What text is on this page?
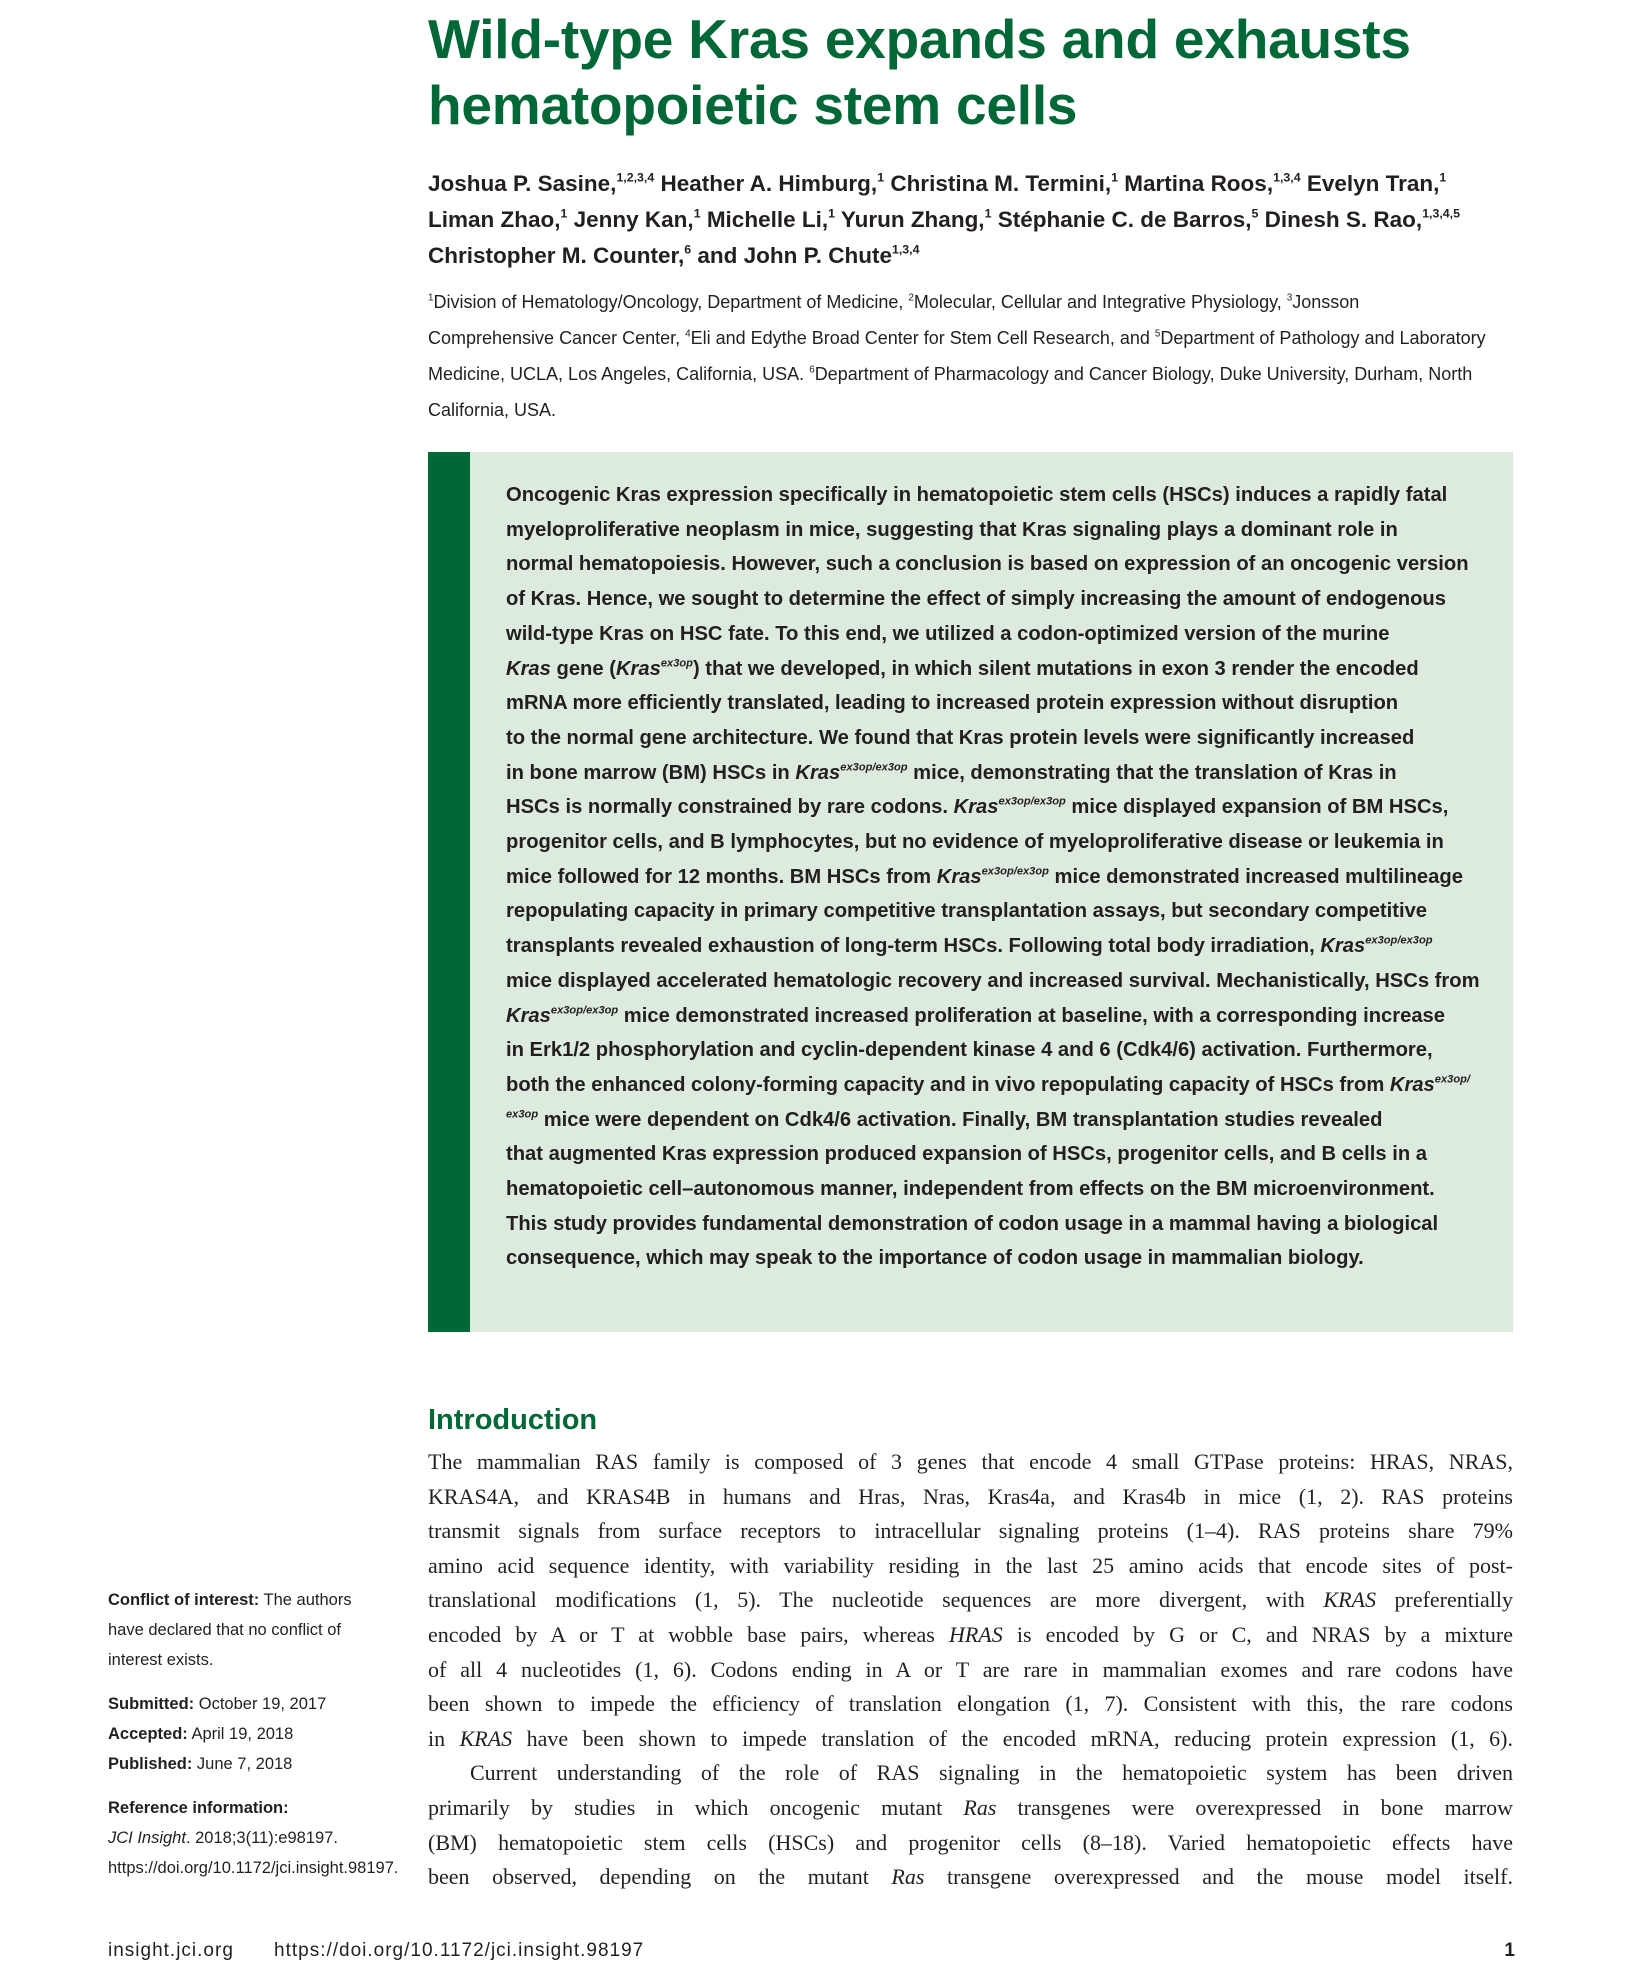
Wild-type Kras expands and exhausts hematopoietic stem cells
Joshua P. Sasine,$^{1,2,3,4}$ Heather A. Himburg,$^1$ Christina M. Termini,$^1$ Martina Roos,$^{1,3,4}$ Evelyn Tran,$^1$
Liman Zhao,$^1$ Jenny Kan,$^1$ Michelle Li,$^1$ Yurun Zhang,$^1$ Stéphanie C. de Barros,$^5$ Dinesh S. Rao,$^{1,3,4,5}$
Christopher M. Counter,$^6$ and John P. Chute$^{1,3,4}$
$^1$Division of Hematology/Oncology, Department of Medicine, $^2$Molecular, Cellular and Integrative Physiology, $^3$Jonsson Comprehensive Cancer Center, $^4$Eli and Edythe Broad Center for Stem Cell Research, and $^5$Department of Pathology and Laboratory Medicine, UCLA, Los Angeles, California, USA. $^6$Department of Pharmacology and Cancer Biology, Duke University, Durham, North California, USA.
Oncogenic Kras expression specifically in hematopoietic stem cells (HSCs) induces a rapidly fatal
myeloproliferative neoplasm in mice, suggesting that Kras signaling plays a dominant role in
normal hematopoiesis. However, such a conclusion is based on expression of an oncogenic version
of Kras. Hence, we sought to determine the effect of simply increasing the amount of endogenous
wild-type Kras on HSC fate. To this end, we utilized a codon-optimized version of the murine
Kras gene (Kras$^{ex3op}$) that we developed, in which silent mutations in exon 3 render the encoded
mRNA more efficiently translated, leading to increased protein expression without disruption
to the normal gene architecture. We found that Kras protein levels were significantly increased
in bone marrow (BM) HSCs in Kras$^{ex3op/ex3op}$ mice, demonstrating that the translation of Kras in
HSCs is normally constrained by rare codons. Kras$^{ex3op/ex3op}$ mice displayed expansion of BM HSCs,
progenitor cells, and B lymphocytes, but no evidence of myeloproliferative disease or leukemia in
mice followed for 12 months. BM HSCs from Kras$^{ex3op/ex3op}$ mice demonstrated increased multilineage
repopulating capacity in primary competitive transplantation assays, but secondary competitive
transplants revealed exhaustion of long-term HSCs. Following total body irradiation, Kras$^{ex3op/ex3op}$
mice displayed accelerated hematologic recovery and increased survival. Mechanistically, HSCs from
Kras$^{ex3op/ex3op}$ mice demonstrated increased proliferation at baseline, with a corresponding increase
in Erk1/2 phosphorylation and cyclin-dependent kinase 4 and 6 (Cdk4/6) activation. Furthermore,
both the enhanced colony-forming capacity and in vivo repopulating capacity of HSCs from Kras$^{ex3op/}$
$^{ex3op}$ mice were dependent on Cdk4/6 activation. Finally, BM transplantation studies revealed
that augmented Kras expression produced expansion of HSCs, progenitor cells, and B cells in a
hematopoietic cell–autonomous manner, independent from effects on the BM microenvironment.
This study provides fundamental demonstration of codon usage in a mammal having a biological
consequence, which may speak to the importance of codon usage in mammalian biology.
Introduction
The mammalian RAS family is composed of 3 genes that encode 4 small GTPase proteins: HRAS, NRAS,
KRAS4A, and KRAS4B in humans and Hras, Nras, Kras4a, and Kras4b in mice (1, 2). RAS proteins
transmit signals from surface receptors to intracellular signaling proteins (1–4). RAS proteins share 79%
amino acid sequence identity, with variability residing in the last 25 amino acids that encode sites of post-
translational modifications (1, 5). The nucleotide sequences are more divergent, with KRAS preferentially
encoded by A or T at wobble base pairs, whereas HRAS is encoded by G or C, and NRAS by a mixture
of all 4 nucleotides (1, 6). Codons ending in A or T are rare in mammalian exomes and rare codons have
been shown to impede the efficiency of translation elongation (1, 7). Consistent with this, the rare codons
in KRAS have been shown to impede translation of the encoded mRNA, reducing protein expression (1, 6).
Current understanding of the role of RAS signaling in the hematopoietic system has been driven
primarily by studies in which oncogenic mutant Ras transgenes were overexpressed in bone marrow
(BM) hematopoietic stem cells (HSCs) and progenitor cells (8–18). Varied hematopoietic effects have
been observed, depending on the mutant Ras transgene overexpressed and the mouse model itself.

Conflict of interest: The authors have declared that no conflict of interest exists.

Submitted: October 19, 2017

Accepted: April 19, 2018

Published: June 7, 2018

Reference information:
JCI Insight. 2018;3(11):e98197. https://doi.org/10.1172/jci.insight.98197.

insight.jci.org https://doi.org/10.1172/jci.insight.98197	1
